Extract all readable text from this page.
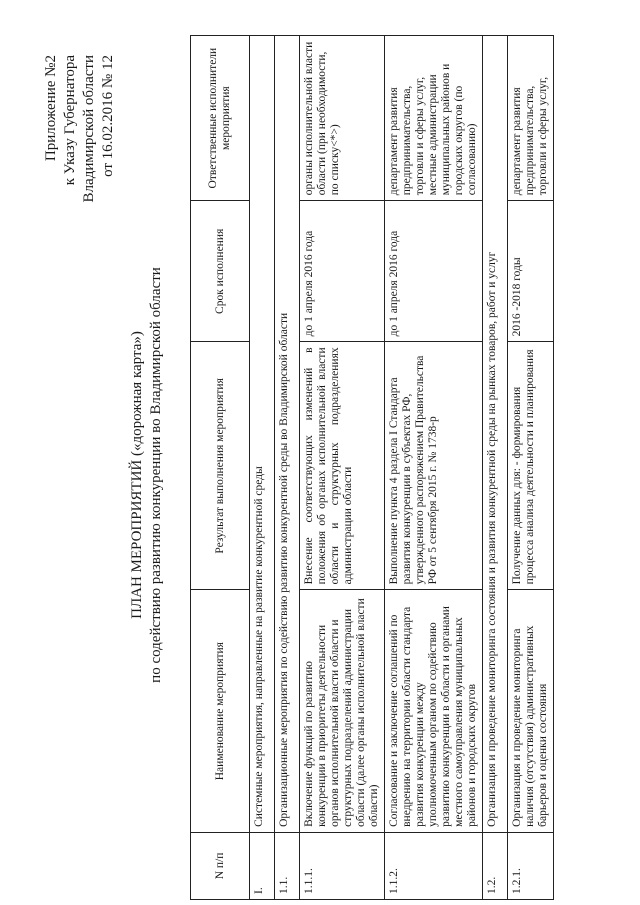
Приложение №2 к Указу Губернатора Владимирской области от 16.02.2016 № 12
ПЛАН МЕРОПРИЯТИЙ («дорожная карта») по содействию развитию конкуренции во Владимирской области
N п/п	Наименование мероприятия	Результат выполнения мероприятия	Срок исполнения	Ответственные исполнители мероприятия
I.	Системные мероприятия, направленные на развитие конкурентной среды			
1.1.	Организационные мероприятия по содействию развитию конкурентной среды во Владимирской области			
1.1.1.	Включение функций по развитию конкуренции в приоритеты деятельности органов исполнительной власти области и структурных подразделений администрации области (далее органы исполнительной власти области)	Внесение соответствующих изменений в положения об органах исполнительной власти области и структурных подразделениях администрации области	до 1 апреля 2016 года	органы исполнительной власти области (при необходимости, по списку<*>)
1.1.2.	Согласование и заключение соглашений по внедрению на территории области стандарта развития конкуренции между уполномоченным органом по содействию развитию конкуренции в области и органами местного самоуправления муниципальных районов и городских округов	Выполнение пункта 4 раздела I Стандарта развития конкуренции в субъектах РФ, утвержденного распоряжением Правительства РФ от 5 сентября 2015 г. № 1738-р	до 1 апреля 2016 года	департамент развития предпринимательства, торговли и сферы услуг, местные администрации муниципальных районов и городских округов (по согласованию)
1.2.	Организация и проведение мониторинга состояния и развития конкурентной среды на рынках товаров, работ и услуг			
1.2.1.	Организация и проведение мониторинга наличия (отсутствия) административных барьеров и оценки состояния	Получение данных для: - формирования процесса анализа деятельности и планирования	2016 -2018 годы	департамент развития предпринимательства, торговли и сферы услуг,
